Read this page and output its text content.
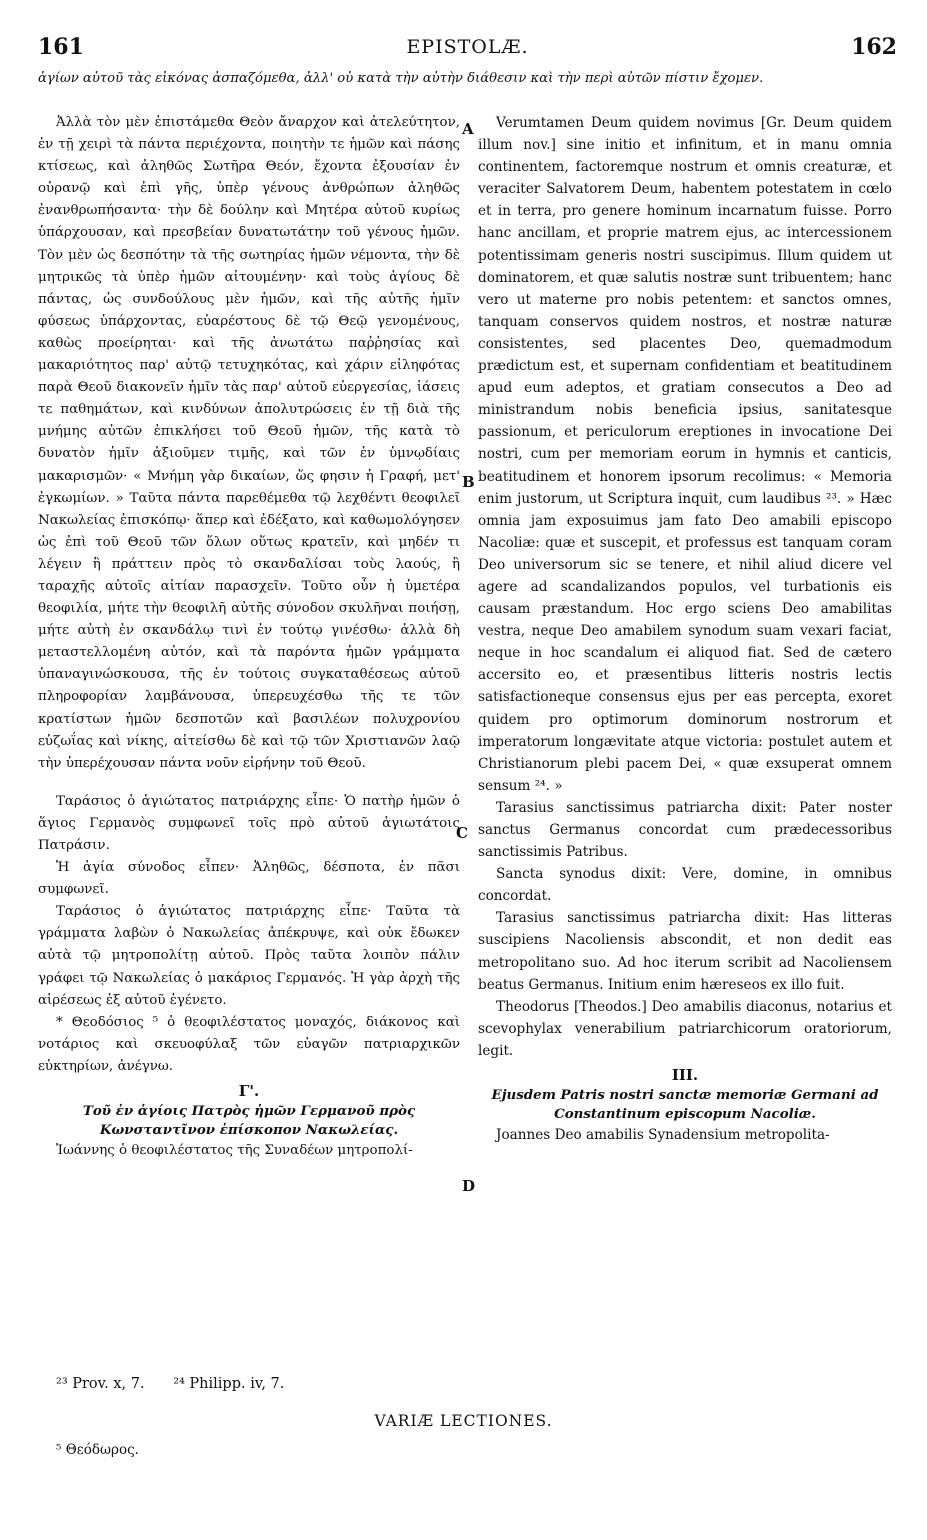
161	EPISTOLÆ.	162
ἁγίων αὐτοῦ τὰς εἰκόνας ἀσπαζόμεθα, ἀλλ' οὐ κατὰ τὴν αὐτὴν διάθεσιν καὶ τὴν περὶ αὐτῶν πίστιν ἔχομεν.

Ἀλλὰ τὸν μὲν ἐπιστάμεθα Θεὸν ἄναρχον καὶ ἀτελεύτητον, ἐν τῇ χειρὶ τὰ πάντα περιέχοντα, ποιητὴν τε ἡμῶν καὶ πάσης κτίσεως, καὶ ἀληθῶς Σωτῆρα Θεόν, ἔχοντα ἐξουσίαν ἐν οὐρανῷ καὶ ἐπὶ γῆς, ὑπὲρ γένους ἀνθρώπων ἀληθῶς ἐνανθρωπήσαντα· τὴν δὲ δούλην καὶ Μητέρα αὐτοῦ κυρίως ὑπάρχουσαν, καὶ πρεσβείαν δυνατωτάτην τοῦ γένους ἡμῶν. Τὸν μὲν ὡς δεσπότην τὰ τῆς σωτηρίας ἡμῶν νέμοντα, τὴν δὲ μητρικῶς τὰ ὑπὲρ ἡμῶν αἰτουμένην· καὶ τοὺς ἁγίους δὲ πάντας, ὡς συνδούλους μὲν ἡμῶν, καὶ τῆς αὐτῆς ἡμῖν φύσεως ὑπάρχοντας, εὐαρέστους δὲ τῷ Θεῷ γενομένους, καθὼς προείρηται· καὶ τῆς ἀνωτάτω παῤῥησίας καὶ μακαριότητος παρ' αὐτῷ τετυχηκότας, καὶ χάριν εἰληφότας παρὰ Θεοῦ διακονεῖν ἡμῖν τὰς παρ' αὐτοῦ εὐεργεσίας, ἰάσεις τε παθημάτων, καὶ κινδύνων ἀπολυτρώσεις ἐν τῇ διὰ τῆς μνήμης αὐτῶν ἐπικλήσει τοῦ Θεοῦ ἡμῶν, τῆς κατὰ τὸ δυνατὸν ἡμῖν ἀξιοῦμεν τιμῆς, καὶ τῶν ἐν ὑμνῳδίαις μακαρισμῶν· « Μνήμη γὰρ δικαίων, ὥς φησιν ἡ Γραφή, μετ' ἐγκωμίων. » Ταῦτα πάντα παρεθέμεθα τῷ λεχθέντι θεοφιλεῖ Νακωλείας ἐπισκόπῳ· ἅπερ καὶ ἐδέξατο, καὶ καθωμολόγησεν ὡς ἐπὶ τοῦ Θεοῦ τῶν ὅλων οὕτως κρατεῖν, καὶ μηδέν τι λέγειν ἢ πράττειν πρὸς τὸ σκανδαλίσαι τοὺς λαούς, ἢ ταραχῆς αὐτοῖς αἰτίαν παρασχεῖν. Τοῦτο οὖν ἡ ὑμετέρα θεοφιλία, μήτε τὴν θεοφιλῆ αὐτῆς σύνοδον σκυλῆναι ποιήσῃ, μήτε αὐτὴ ἐν σκανδάλῳ τινὶ ἐν τούτῳ γινέσθω· ἀλλὰ δὴ μεταστελλομένη αὐτόν, καὶ τὰ παρόντα ἡμῶν γράμματα ὑπαναγινώσκουσα, τῆς ἐν τούτοις συγκαταθέσεως αὐτοῦ πληροφορίαν λαμβάνουσα, ὑπερευχέσθω τῆς τε τῶν κρατίστων ἡμῶν δεσποτῶν καὶ βασιλέων πολυχρονίου εὐζωΐας καὶ νίκης, αἰτείσθω δὲ καὶ τῷ τῶν Χριστιανῶν λαῷ τὴν ὑπερέχουσαν πάντα νοῦν εἰρήνην τοῦ Θεοῦ.

Ταράσιος ὁ ἁγιώτατος πατριάρχης εἶπε· Ὁ πατὴρ ἡμῶν ὁ ἅγιος Γερμανὸς συμφωνεῖ τοῖς πρὸ αὐτοῦ ἁγιωτάτοις Πατράσιν.

Ἡ ἁγία σύνοδος εἶπεν· Ἀληθῶς, δέσποτα, ἐν πᾶσι συμφωνεῖ.

Ταράσιος ὁ ἁγιώτατος πατριάρχης εἶπε· Ταῦτα τὰ γράμματα λαβὼν ὁ Νακωλείας ἀπέκρυψε, καὶ οὐκ ἔδωκεν αὐτὰ τῷ μητροπολίτῃ αὐτοῦ. Πρὸς ταῦτα λοιπὸν πάλιν γράφει τῷ Νακωλείας ὁ μακάριος Γερμανός. Ἡ γὰρ ἀρχὴ τῆς αἱρέσεως ἐξ αὐτοῦ ἐγένετο.

* Θεοδόσιος ⁵ ὁ θεοφιλέστατος μοναχός, διάκονος καὶ νοτάριος καὶ σκευοφύλαξ τῶν εὐαγῶν πατριαρχικῶν εὐκτηρίων, ἀνέγνω.

Γ'.
Τοῦ ἐν ἁγίοις Πατρὸς ἡμῶν Γερμανοῦ πρὸς Κωνσταντῖνον ἐπίσκοπον Νακωλείας.

Ἰωάννης ὁ θεοφιλέστατος τῆς Συναδέων μητροπολί-

A
B
C
D

Verumtamen Deum quidem novimus [Gr. Deum quidem illum nov.] sine initio et infinitum, et in manu omnia continentem, factoremque nostrum et omnis creaturæ, et veraciter Salvatorem Deum, habentem potestatem in cœlo et in terra, pro genere hominum incarnatum fuisse. Porro hanc ancillam, et proprie matrem ejus, ac intercessionem potentissimam generis nostri suscipimus. Illum quidem ut dominatorem, et quæ salutis nostræ sunt tribuentem; hanc vero ut materne pro nobis petentem: et sanctos omnes, tanquam conservos quidem nostros, et nostræ naturæ consistentes, sed placentes Deo, quemadmodum prædictum est, et supernam confidentiam et beatitudinem apud eum adeptos, et gratiam consecutos a Deo ad ministrandum nobis beneficia ipsius, sanitatesque passionum, et periculorum ereptiones in invocatione Dei nostri, cum per memoriam eorum in hymnis et canticis, beatitudinem et honorem ipsorum recolimus: « Memoria enim justorum, ut Scriptura inquit, cum laudibus ²³. » Hæc omnia jam exposuimus jam fato Deo amabili episcopo Nacoliæ: quæ et suscepit, et professus est tanquam coram Deo universorum sic se tenere, et nihil aliud dicere vel agere ad scandalizandos populos, vel turbationis eis causam præstandum. Hoc ergo sciens Deo amabilitas vestra, neque Deo amabilem synodum suam vexari faciat, neque in hoc scandalum ei aliquod fiat. Sed de cætero accersito eo, et præsentibus litteris nostris lectis satisfactioneque consensus ejus per eas percepta, exoret quidem pro optimorum dominorum nostrorum et imperatorum longævitate atque victoria: postulet autem et Christianorum plebi pacem Dei, « quæ exsuperat omnem sensum ²⁴. »

Tarasius sanctissimus patriarcha dixit: Pater noster sanctus Germanus concordat cum prædecessoribus sanctissimis Patribus.

Sancta synodus dixit: Vere, domine, in omnibus concordat.

Tarasius sanctissimus patriarcha dixit: Has litteras suscipiens Nacoliensis abscondit, et non dedit eas metropolitano suo. Ad hoc iterum scribit ad Nacoliensem beatus Germanus. Initium enim hæreseos ex illo fuit.

Theodorus [Theodos.] Deo amabilis diaconus, notarius et scevophylax venerabilium patriarchicorum oratoriorum, legit.

III.
Ejusdem Patris nostri sanctæ memoriæ Germani ad Constantinum episcopum Nacoliæ.

Joannes Deo amabilis Synadensium metropolita-

²³ Prov. x, 7. ²⁴ Philipp. iv, 7.
VARIÆ LECTIONES.
⁵ Θεόδωρος.
